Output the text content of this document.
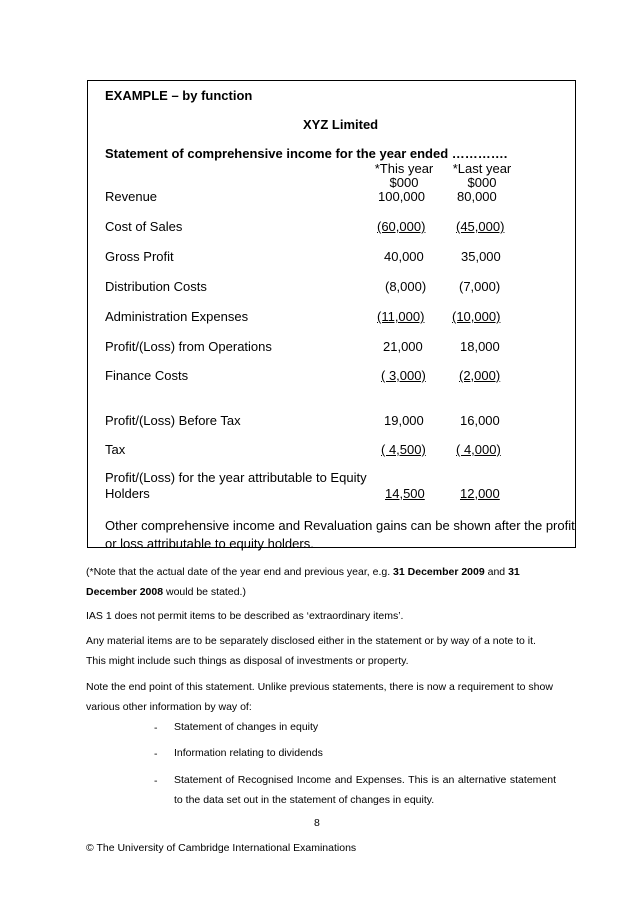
EXAMPLE – by function
XYZ Limited
Statement of comprehensive income for the year ended ………….
*This year
$000
*Last year
$000
Revenue	100,000 80,000
Cost of Sales	(60,000) (45,000)
Gross Profit	40,000	35,000
Distribution Costs	(8,000)	(7,000)
Administration Expenses	(11,000) (10,000)
Profit/(Loss) from Operations	21,000	18,000
Finance Costs	( 3,000)	(2,000)
Profit/(Loss) Before Tax	19,000	16,000
Tax	( 4,500) ( 4,000)
Profit/(Loss) for the year attributable to Equity
Holders	14,500	12,000
Other comprehensive income and Revaluation gains can be shown after the profit or loss attributable to equity holders.
(*Note that the actual date of the year end and previous year, e.g. 31 December 2009 and 31 December 2008 would be stated.)
IAS 1 does not permit items to be described as ‘extraordinary items’.
Any material items are to be separately disclosed either in the statement or by way of a note to it. This might include such things as disposal of investments or property.
Note the end point of this statement. Unlike previous statements, there is now a requirement to show various other information by way of:
- Statement of changes in equity
- Information relating to dividends
- Statement of Recognised Income and Expenses. This is an alternative statement to the data set out in the statement of changes in equity.
8
© The University of Cambridge International Examinations
